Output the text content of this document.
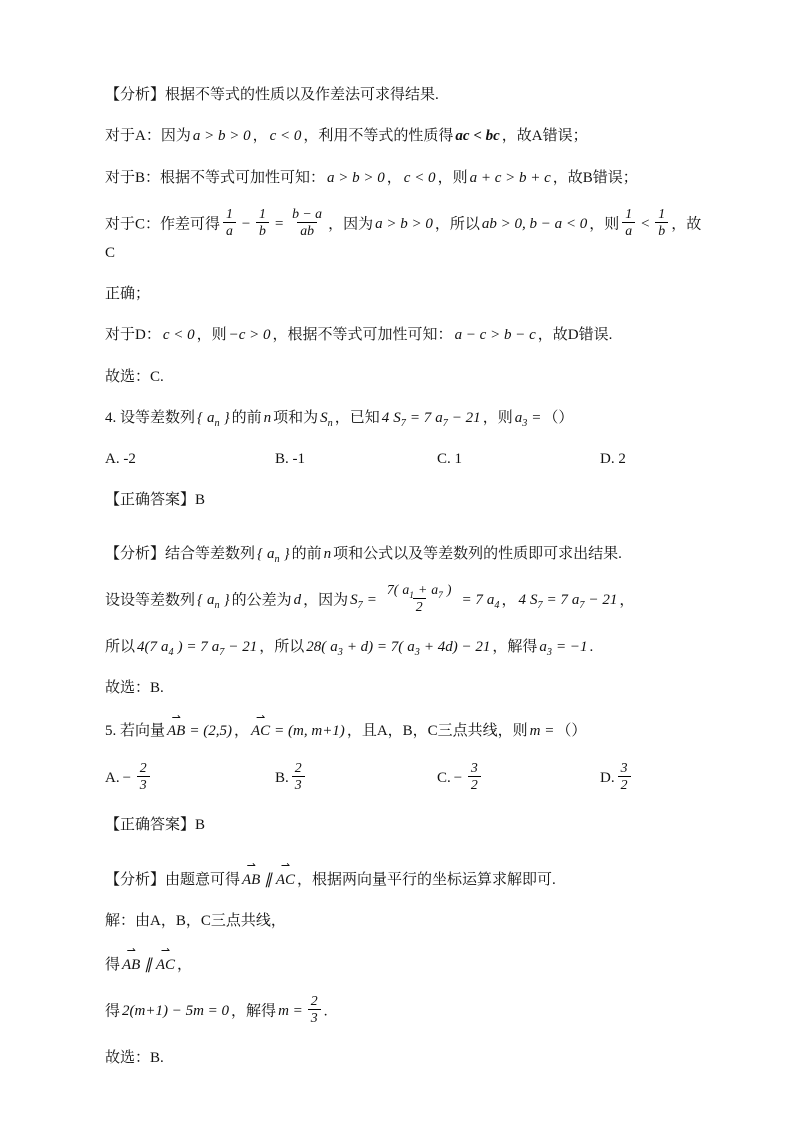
【分析】根据不等式的性质以及作差法可求得结果.
对于A：因为 a > b > 0 ， c < 0 ，利用不等式的性质得 ac < bc ，故A错误；
对于B：根据不等式可加性可知： a > b > 0 ， c < 0 ，则 a + c > b + c ，故B错误；
对于C：作差可得 $\frac{1}{a} - \frac{1}{b} = \frac{b - a}{ab}$ ，因为 a > b > 0 ，所以 ab > 0, b − a < 0 ，则 $\frac{1}{a} < \frac{1}{b}$ ，故C
正确；
对于D： c < 0 ，则 −c > 0 ，根据不等式可加性可知： a − c > b − c ，故D错误.
故选：C.
4. 设等差数列 { $a_n$ } 的前 n 项和为 $S_n$ ，已知 4 $S_7 = 7$ $a_7 - 21$ ，则 $a_3$ = （）
A. -2	B. -1	C. 1	D. 2
【正确答案】B
【分析】结合等差数列 { $a_n$ } 的前 n 项和公式以及等差数列的性质即可求出结果.
设设等差数列 { $a_n$ } 的公差为 d ，因为 $S_7 = \frac{7( a_1 + a_7 )}{2} = 7$ $a_4$ ， 4 $S_7 = 7$ $a_7 - 21$ ，
所以 4(7 $a_4$ ) = 7 $a_7 - 21$ ，所以 28( $a_3 + d) = 7$( $a_3 + 4d) - 21$ ，解得 $a_3 = -1$ .
故选：B.
5. 若向量
⇀
AB = (2,5) ，
⇀
AC = (m, m+1) ，且A，B，C三点共线，则 m = （）
A. − $\frac{2}{3}$	B. $\frac{2}{3}$	C. − $\frac{3}{2}$	D. $\frac{3}{2}$
【正确答案】B
【分析】由题意可得
⇀
AB ∥
⇀
AC ，根据两向量平行的坐标运算求解即可.
解：由A，B，C三点共线，
得
⇀
AB ∥
⇀
AC ，
得 2(m+1) − 5m = 0 ，解得 $m = \frac{2}{3}$ .
故选：B.
